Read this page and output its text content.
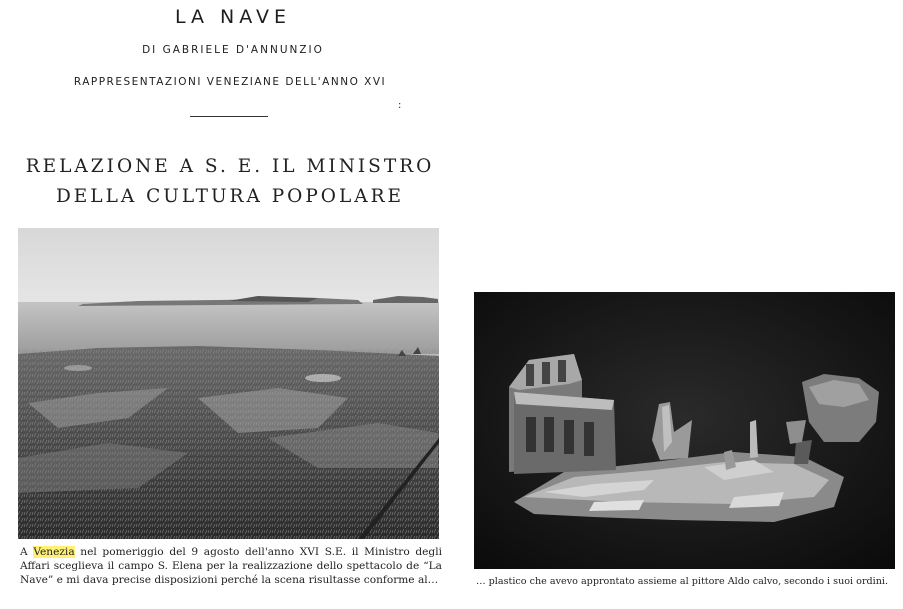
LA NAVE
DI GABRIELE D'ANNUNZIO
RAPPRESENTAZIONI VENEZIANE DELL'ANNO XVI
:
RELAZIONE A S. E. IL MINISTRO
DELLA CULTURA POPOLARE
A Venezia nel pomeriggio del 9 agosto dell'anno XVI S.E. il Ministro degli Affari sceglieva il campo S. Elena per la realizzazione dello spettacolo de “La Nave” e mi dava precise disposizioni perché la scena risultasse conforme al…	… plastico che avevo approntato assieme al pittore Aldo calvo, secondo i suoi ordini.
